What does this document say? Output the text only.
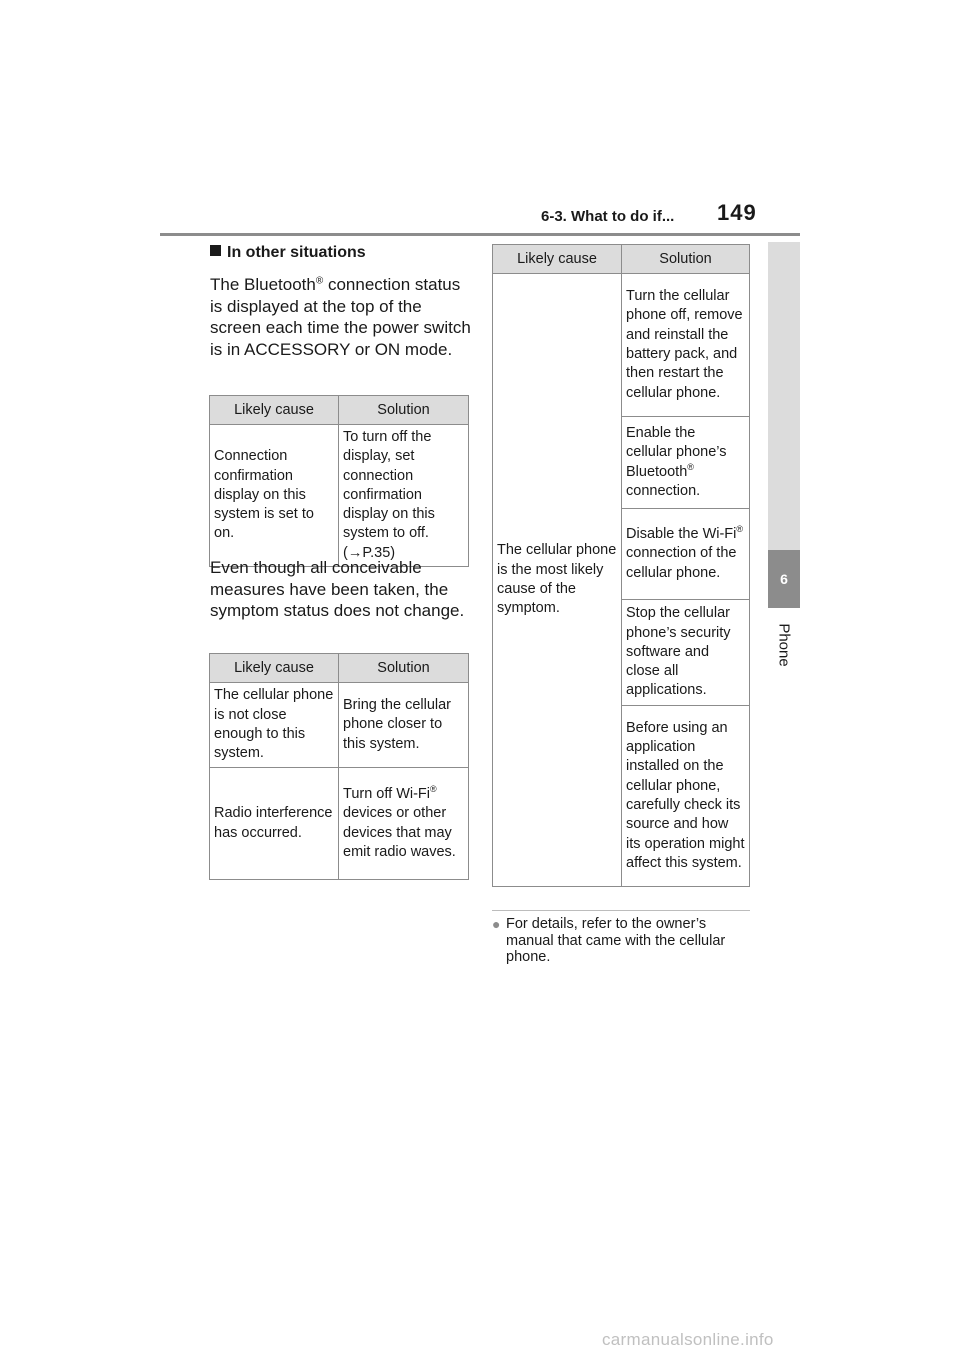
6-3. What to do if... 149
6
Phone
In other situations
The Bluetooth® connection status is displayed at the top of the screen each time the power switch is in ACCESSORY or ON mode.
Likely cause	Solution
Connection confirmation display on this system is set to on.	To turn off the display, set connection confirmation display on this system to off. (→P.35)
Even though all conceivable measures have been taken, the symptom status does not change.
Likely cause	Solution
The cellular phone is not close enough to this system.	Bring the cellular phone closer to this system.
Radio interference has occurred.	Turn off Wi-Fi® devices or other devices that may emit radio waves.
Likely cause	Solution
The cellular phone is the most likely cause of the symptom.	Turn the cellular phone off, remove and reinstall the battery pack, and then restart the cellular phone.
	Enable the cellular phone’s Bluetooth® connection.
	Disable the Wi-Fi® connection of the cellular phone.
	Stop the cellular phone’s security software and close all applications.
	Before using an application installed on the cellular phone, carefully check its source and how its operation might affect this system.
● For details, refer to the owner’s manual that came with the cellular phone.
carmanualsonline.info
